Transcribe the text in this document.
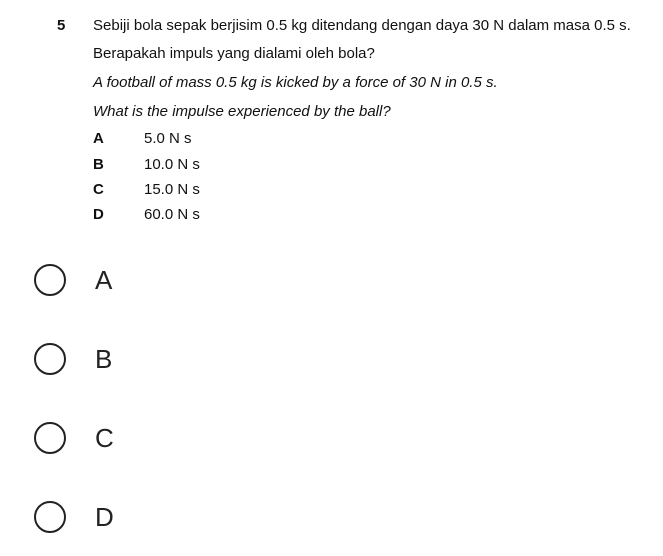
5 Sebiji bola sepak berjisim 0.5 kg ditendang dengan daya 30 N dalam masa 0.5 s.
Berapakah impuls yang dialami oleh bola?
A football of mass 0.5 kg is kicked by a force of 30 N in 0.5 s.
What is the impulse experienced by the ball?
A	5.0 N s
B	10.0 N s
C	15.0 N s
D	60.0 N s
A
B
C
D
